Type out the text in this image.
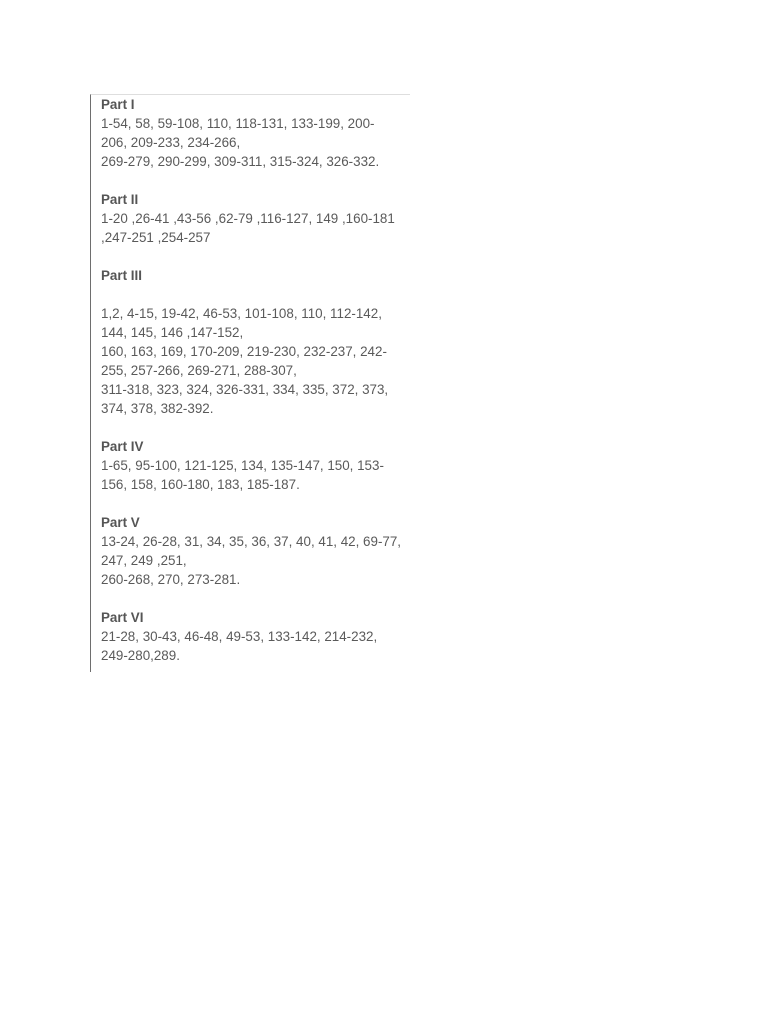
Part I

1-54, 58, 59-108, 110, 118-131, 133-199, 200-
206, 209-233, 234-266,
269-279, 290-299, 309-311, 315-324, 326-332.

Part II

1-20 ,26-41 ,43-56 ,62-79 ,116-127, 149 ,160-181
,247-251 ,254-257

Part III

1,2, 4-15, 19-42, 46-53, 101-108, 110, 112-142,
144, 145, 146 ,147-152,
160, 163, 169, 170-209, 219-230, 232-237, 242-
255, 257-266, 269-271, 288-307,
311-318, 323, 324, 326-331, 334, 335, 372, 373,
374, 378, 382-392.

Part IV

1-65, 95-100, 121-125, 134, 135-147, 150, 153-
156, 158, 160-180, 183, 185-187.

Part V

13-24, 26-28, 31, 34, 35, 36, 37, 40, 41, 42, 69-77,
247, 249 ,251,
260-268, 270, 273-281.

Part VI

21-28, 30-43, 46-48, 49-53, 133-142, 214-232,
249-280,289.
